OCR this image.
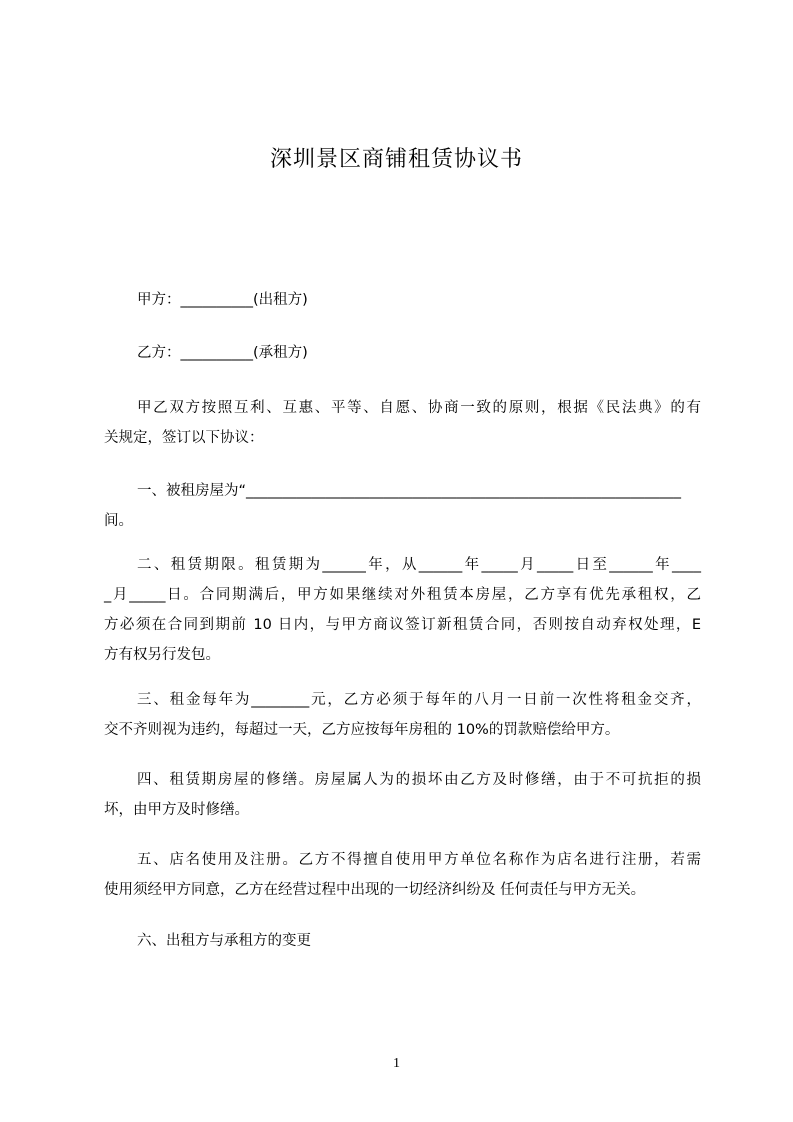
深圳景区商铺租赁协议书
甲方：__________(出租方)
乙方：__________(承租方)
甲乙双方按照互利、互惠、平等、自愿、协商一致的原则，根据《民法典》的有
关规定，签订以下协议：
一、被租房屋为“____________________________________________________________
间。
二、租赁期限。租赁期为______年，从______年_____月_____日至______年____
_月_____日。合同期满后，甲方如果继续对外租赁本房屋，乙方享有优先承租权，乙
方必须在合同到期前 10 日内，与甲方商议签订新租赁合同，否则按自动弃权处理，E
方有权另行发包。
三、租金每年为________元，乙方必须于每年的八月一日前一次性将租金交齐，
交不齐则视为违约，每超过一天，乙方应按每年房租的 10%的罚款赔偿给甲方。
四、租赁期房屋的修缮。房屋属人为的损坏由乙方及时修缮，由于不可抗拒的损
坏，由甲方及时修缮。
五、店名使用及注册。乙方不得擅自使用甲方单位名称作为店名进行注册，若需
使用须经甲方同意，乙方在经营过程中出现的一切经济纠纷及 任何责任与甲方无关。
六、出租方与承租方的变更
1
